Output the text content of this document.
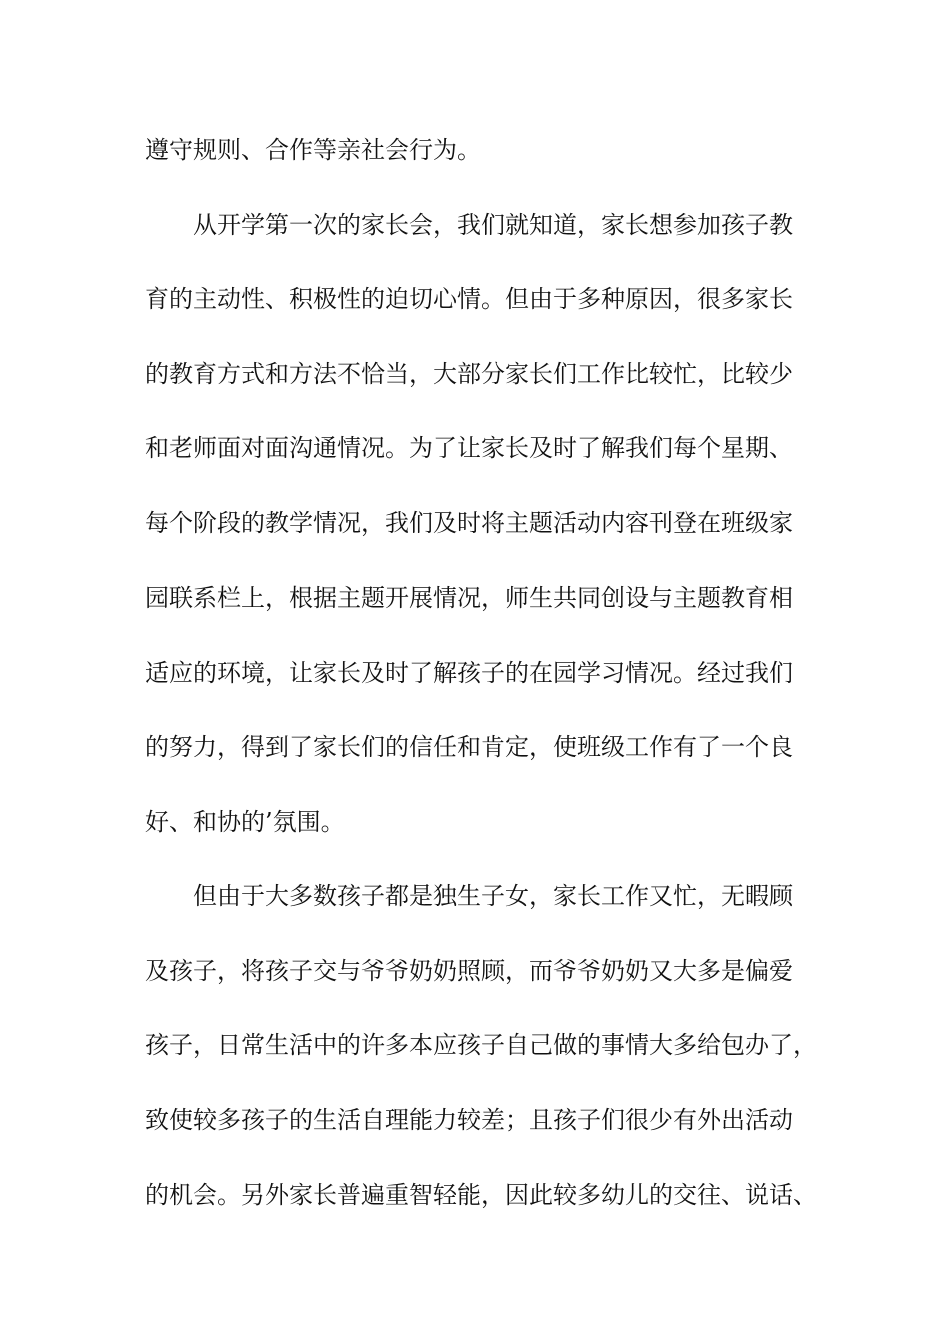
遵守规则、合作等亲社会行为。
从开学第一次的家长会，我们就知道，家长想参加孩子教
育的主动性、积极性的迫切心情。但由于多种原因，很多家长
的教育方式和方法不恰当，大部分家长们工作比较忙，比较少
和老师面对面沟通情况。为了让家长及时了解我们每个星期、
每个阶段的教学情况，我们及时将主题活动内容刊登在班级家
园联系栏上，根据主题开展情况，师生共同创设与主题教育相
适应的环境，让家长及时了解孩子的在园学习情况。经过我们
的努力，得到了家长们的信任和肯定，使班级工作有了一个良
好、和协的’氛围。
但由于大多数孩子都是独生子女，家长工作又忙，无暇顾
及孩子，将孩子交与爷爷奶奶照顾，而爷爷奶奶又大多是偏爱
孩子，日常生活中的许多本应孩子自己做的事情大多给包办了，
致使较多孩子的生活自理能力较差；且孩子们很少有外出活动
的机会。另外家长普遍重智轻能，因此较多幼儿的交往、说话、
